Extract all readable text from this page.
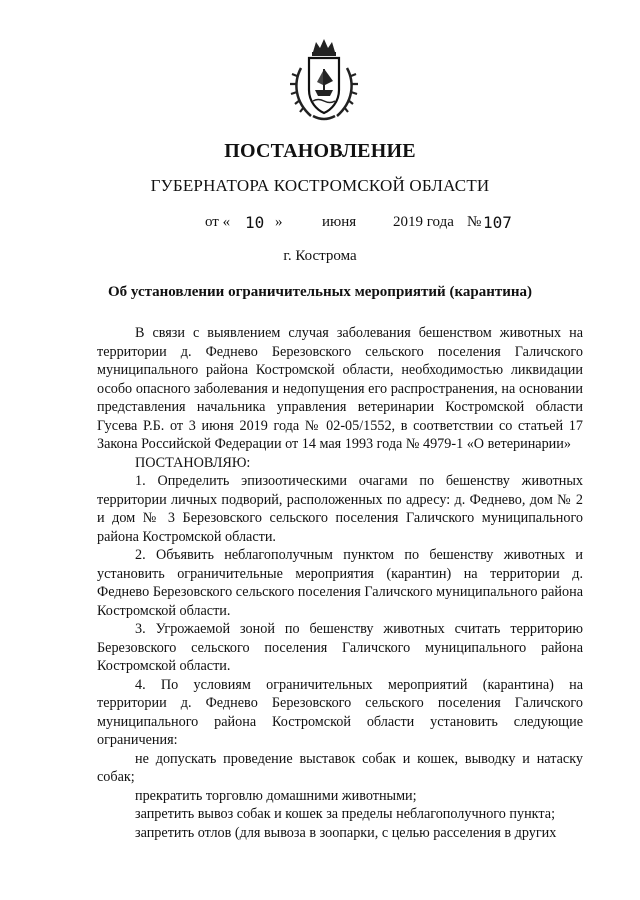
ПОСТАНОВЛЕНИЕ
ГУБЕРНАТОРА КОСТРОМСКОЙ ОБЛАСТИ
от « 10 »	июня 2019 года № 107
г. Кострома
Об установлении ограничительных мероприятий (карантина)

В связи с выявлением случая заболевания бешенством животных на территории д. Федневo Березовского сельского поселения Галичского муниципального района Костромской области, необходимостью ликвидации особо опасного заболевания и недопущения его распространения, на основании представления начальника управления ветеринарии Костромской области Гусева Р.Б. от 3 июня 2019 года № 02-05/1552, в соответствии со статьей 17 Закона Российской Федерации от 14 мая 1993 года № 4979-1 «О ветеринарии»

ПОСТАНОВЛЯЮ:

1. Определить эпизоотическими очагами по бешенству животных территории личных подворий, расположенных по адресу: д. Федневo, дом № 2 и дом № 3 Березовского сельского поселения Галичского муниципального района Костромской области.

2. Объявить неблагополучным пунктом по бешенству животных и установить ограничительные мероприятия (карантин) на территории д. Федневo Березовского сельского поселения Галичского муниципального района Костромской области.

3. Угрожаемой зоной по бешенству животных считать территорию Березовского сельского поселения Галичского муниципального района Костромской области.

4. По условиям ограничительных мероприятий (карантина) на территории д. Федневo Березовского сельского поселения Галичского муниципального района Костромской области установить следующие ограничения:

не допускать проведение выставок собак и кошек, выводку и натаску собак;

прекратить торговлю домашними животными;

запретить вывоз собак и кошек за пределы неблагополучного пункта;

запретить отлов (для вывоза в зоопарки, с целью расселения в других
